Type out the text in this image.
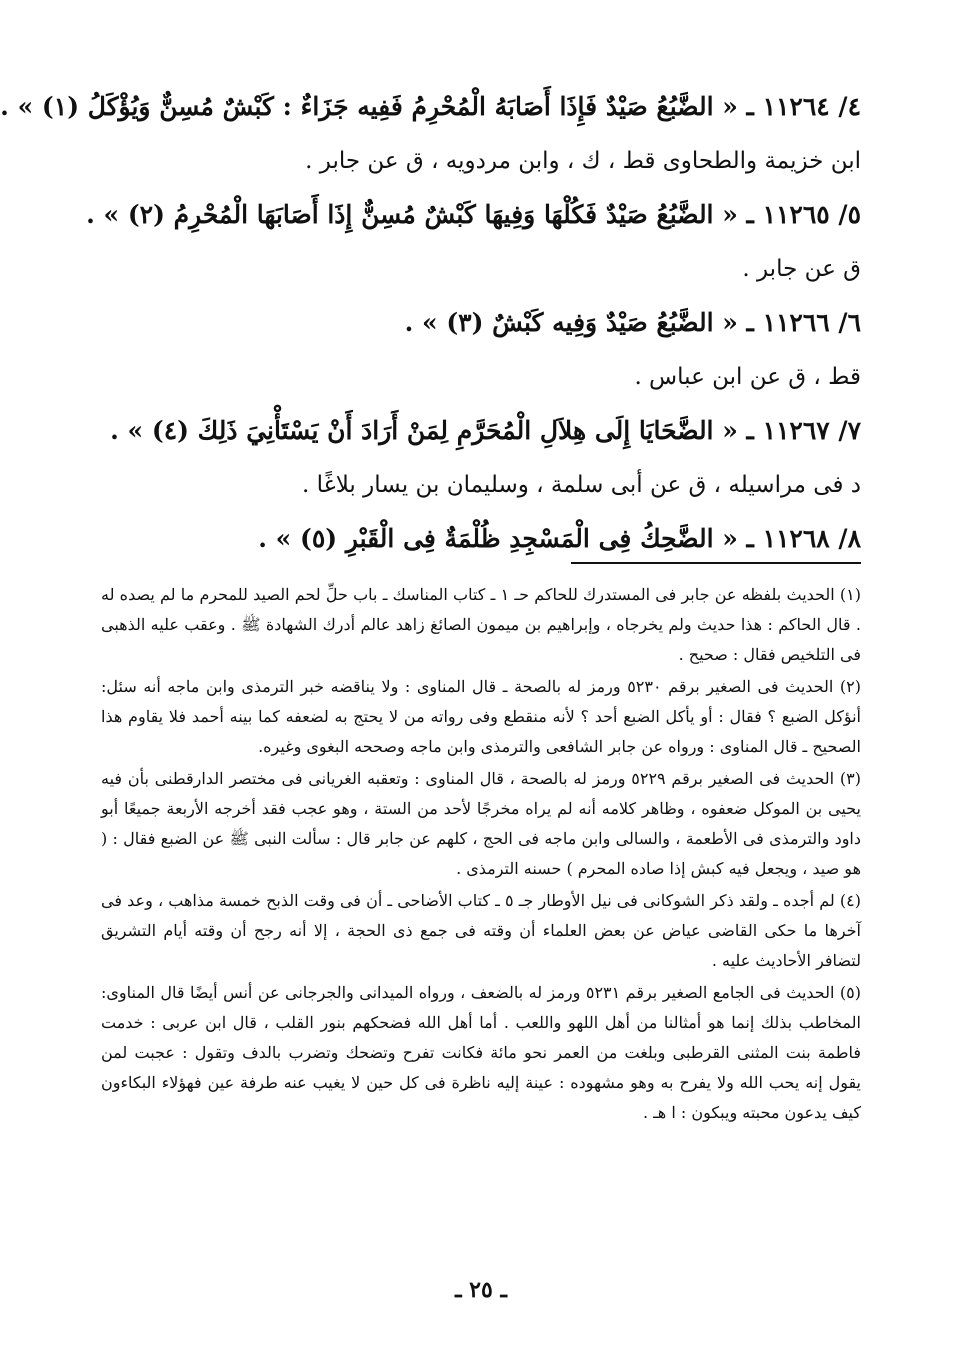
٤/ ١١٢٦٤ ـ « الضَّبُعُ صَيْدٌ فَإِذَا أَصَابَهُ الْمُحْرِمُ فَفِيه جَزَاءٌ : كَبْشٌ مُسِنٌّ وَيُؤْكَلُ (١) » .
ابن خزيمة والطحاوى قط ، ك ، وابن مردويه ، ق عن جابر .
٥/ ١١٢٦٥ ـ « الضَّبُعُ صَيْدٌ فَكُلْهَا وَفِيهَا كَبْشٌ مُسِنٌّ إِذَا أَصَابَهَا الْمُحْرِمُ (٢) » .
ق عن جابر .
٦/ ١١٢٦٦ ـ « الضَّبُعُ صَيْدٌ وَفِيه كَبْشٌ (٣) » .
قط ، ق عن ابن عباس .
٧/ ١١٢٦٧ ـ « الضَّحَايَا إِلَى هِلاَلِ الْمُحَرَّمِ لِمَنْ أَرَادَ أَنْ يَسْتَأْنِيَ ذَلِكَ (٤) » .
د فى مراسيله ، ق عن أبى سلمة ، وسليمان بن يسار بلاغًا .
٨/ ١١٢٦٨ ـ « الضَّحِكُ فِى الْمَسْجِدِ ظُلْمَةٌ فِى الْقَبْرِ (٥) » .

(١) الحديث بلفظه عن جابر فى المستدرك للحاكم حـ ١ ـ كتاب المناسك ـ باب حلِّ لحم الصيد للمحرم ما لم يصده له . قال الحاكم : هذا حديث ولم يخرجاه ، وإبراهيم بن ميمون الصائغ زاهد عالم أدرك الشهادة ﷺ . وعقب عليه الذهبى فى التلخيص فقال : صحيح .

(٢) الحديث فى الصغير برقم ٥٢٣٠ ورمز له بالصحة ـ قال المناوى : ولا يناقضه خبر الترمذى وابن ماجه أنه سئل: أنؤكل الضبع ؟ فقال : أو يأكل الضبع أحد ؟ لأنه منقطع وفى رواته من لا يحتج به لضعفه كما بينه أحمد فلا يقاوم هذا الصحيح ـ قال المناوى : ورواه عن جابر الشافعى والترمذى وابن ماجه وصححه البغوى وغيره.

(٣) الحديث فى الصغير برقم ٥٢٢٩ ورمز له بالصحة ، قال المناوى : وتعقبه الغريانى فى مختصر الدارقطنى بأن فيه يحيى بن الموكل ضعفوه ، وظاهر كلامه أنه لم يراه مخرجًا لأحد من الستة ، وهو عجب فقد أخرجه الأربعة جميعًا أبو داود والترمذى فى الأطعمة ، والسالى وابن ماجه فى الحج ، كلهم عن جابر قال : سألت النبى ﷺ عن الضبع فقال : ( هو صيد ، ويجعل فيه كبش إذا صاده المحرم ) حسنه الترمذى .

(٤) لم أجده ـ ولقد ذكر الشوكانى فى نيل الأوطار جـ ٥ ـ كتاب الأضاحى ـ أن فى وقت الذبح خمسة مذاهب ، وعد فى آخرها ما حكى القاضى عياض عن بعض العلماء أن وقته فى جمع ذى الحجة ، إلا أنه رجح أن وقته أيام التشريق لتضافر الأحاديث عليه .

(٥) الحديث فى الجامع الصغير برقم ٥٢٣١ ورمز له بالضعف ، ورواه الميدانى والجرجانى عن أنس أيضًا قال المناوى: المخاطب بذلك إنما هو أمثالنا من أهل اللهو واللعب . أما أهل الله فضحكهم بنور القلب ، قال ابن عربى : خدمت فاطمة بنت المثنى القرطبى وبلغت من العمر نحو مائة فكانت تفرح وتضحك وتضرب بالدف وتقول : عجبت لمن يقول إنه يحب الله ولا يفرح به وهو مشهوده : عينة إليه ناظرة فى كل حين لا يغيب عنه طرفة عين فهؤلاء البكاءون كيف يدعون محبته ويبكون : ا هـ .

ـ ٢٥ ـ
